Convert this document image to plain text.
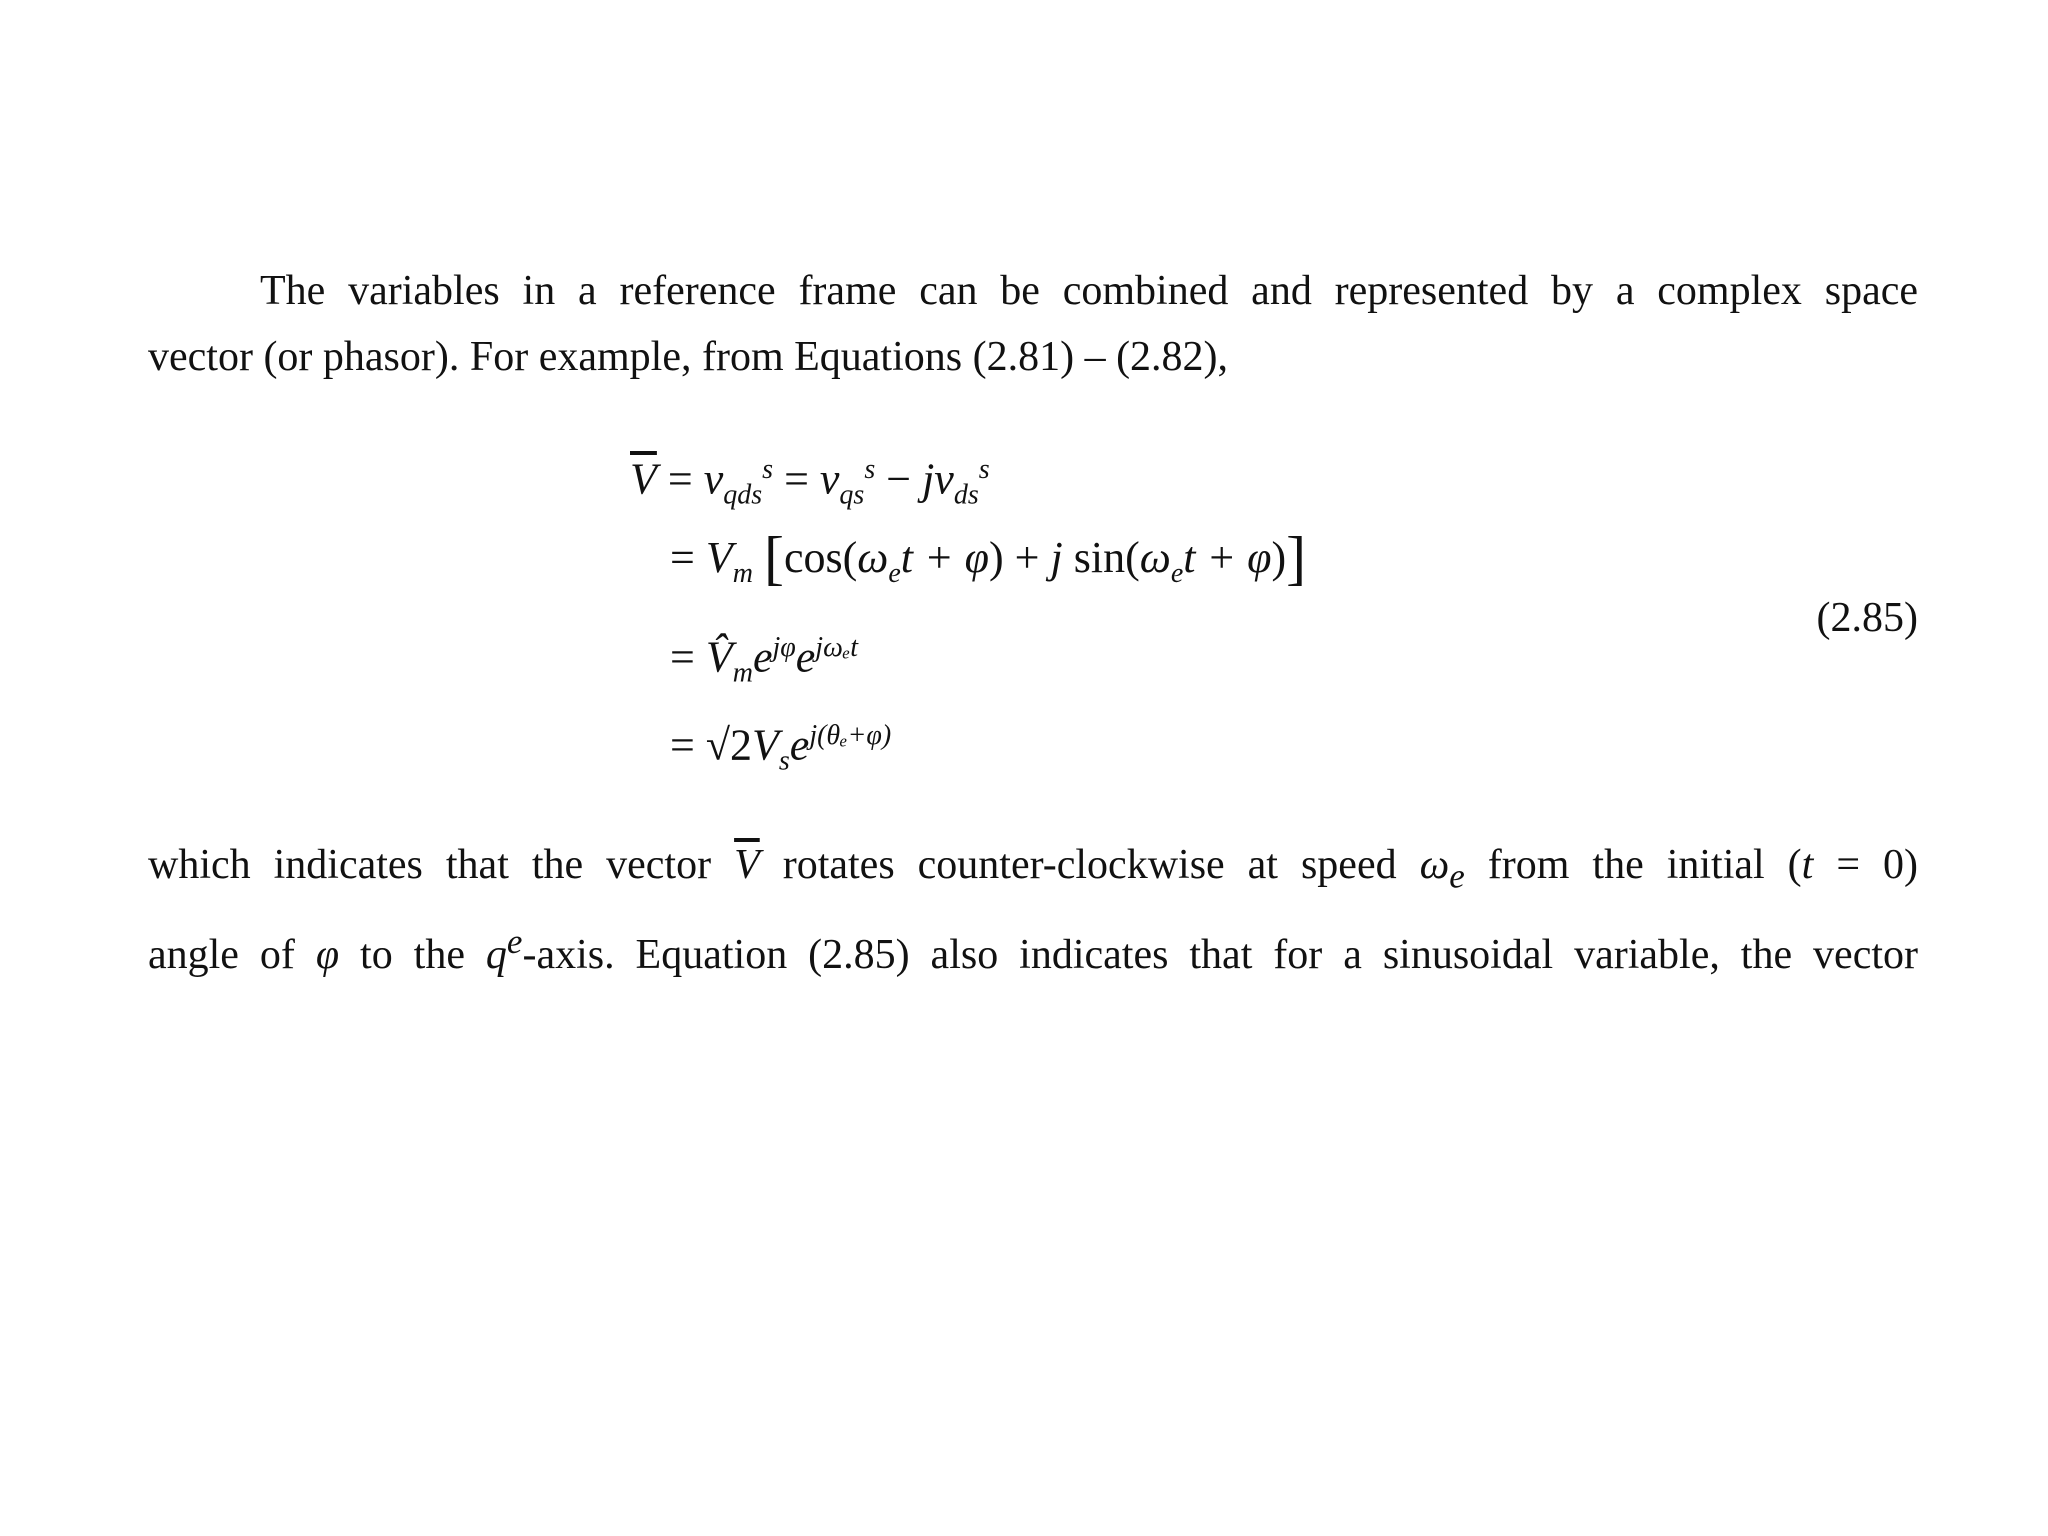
The variables in a reference frame can be combined and represented by a complex space
vector (or phasor). For example, from Equations (2.81) – (2.82),

$\overline{V} = v_{qds}^s = v_{qs}^s - jv_{ds}^s$
= $V_m$ [$\cos(\omega_et + \varphi) + j$ $\sin(\omega_et + \varphi)$]
= $V̂_me^{j\varphi}e^{j\omega_et}$
= $√2V_se^{j(\theta_e+\varphi)}$
(2.85)

which indicates that the vector $\overline{V}$ rotates counter-clockwise at speed $\omega_e$ from the initial (t = 0)
angle of φ to the $q^e$-axis. Equation (2.85) also indicates that for a sinusoidal variable, the vector
